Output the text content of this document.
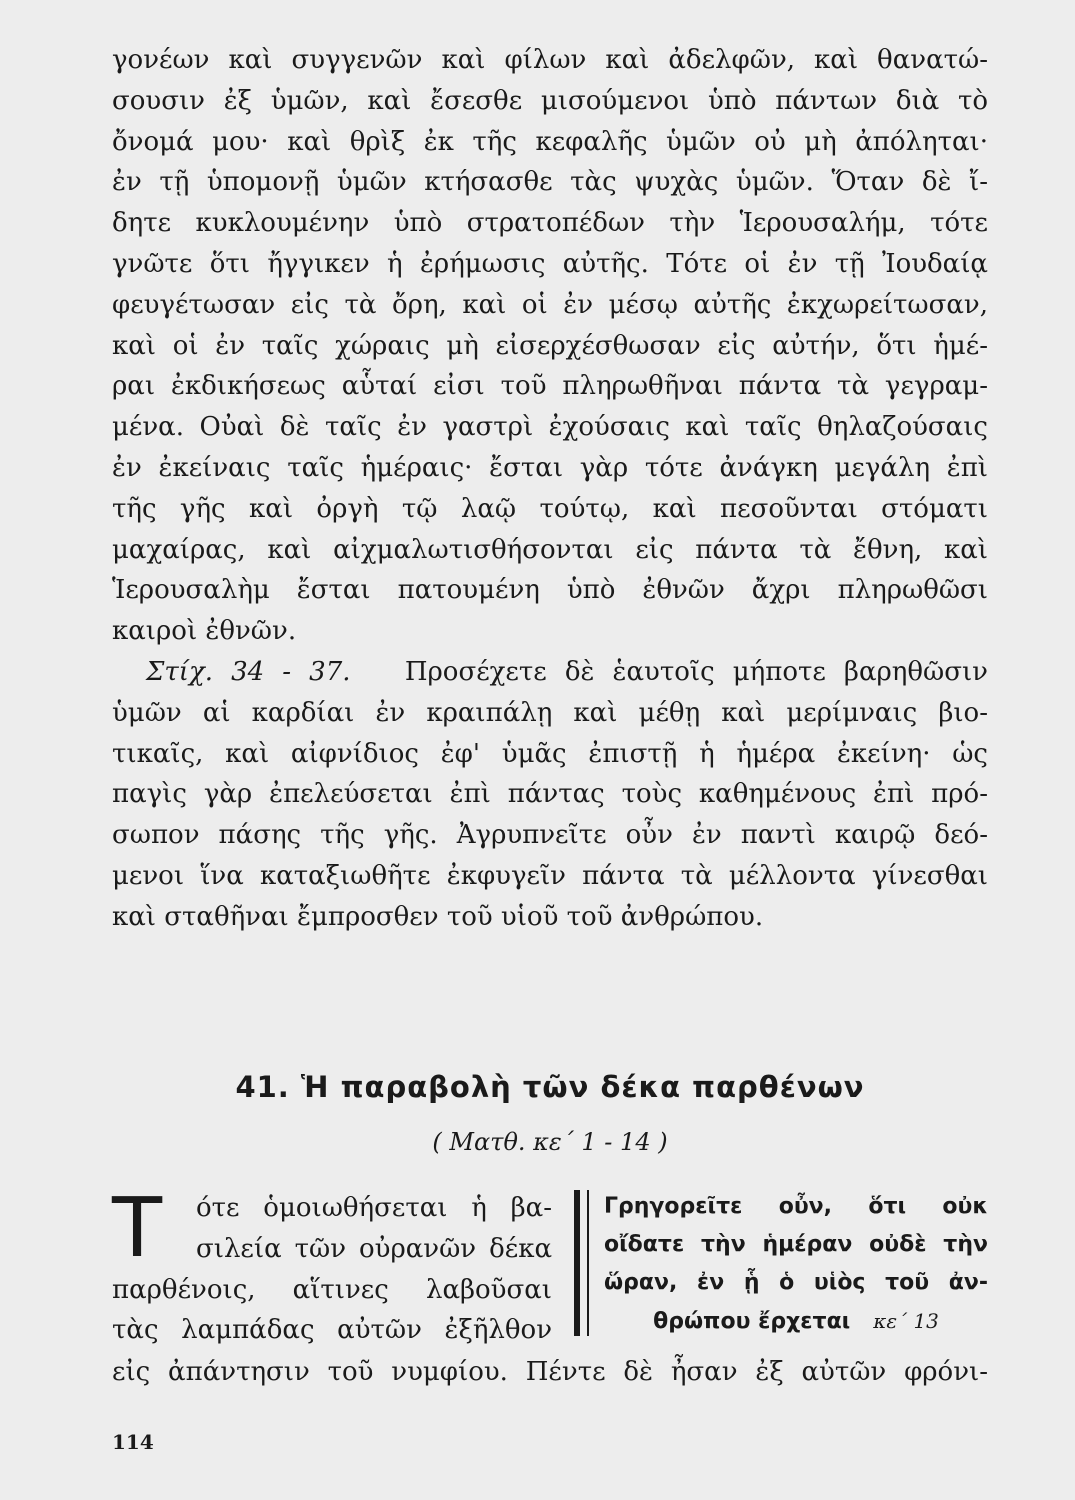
γονέων καὶ συγγενῶν καὶ φίλων καὶ ἀδελφῶν, καὶ θανατώ-
σουσιν ἐξ ὑμῶν, καὶ ἔσεσθε μισούμενοι ὑπὸ πάντων διὰ τὸ
ὄνομά μου· καὶ θρὶξ ἐκ τῆς κεφαλῆς ὑμῶν οὐ μὴ ἀπόληται·
ἐν τῇ ὑπομονῇ ὑμῶν κτήσασθε τὰς ψυχὰς ὑμῶν. Ὅταν δὲ ἴ-
δητε κυκλουμένην ὑπὸ στρατοπέδων τὴν Ἱερουσαλήμ, τότε
γνῶτε ὅτι ἤγγικεν ἡ ἐρήμωσις αὐτῆς. Τότε οἱ ἐν τῇ Ἰουδαίᾳ
φευγέτωσαν εἰς τὰ ὄρη, καὶ οἱ ἐν μέσῳ αὐτῆς ἐκχωρείτωσαν,
καὶ οἱ ἐν ταῖς χώραις μὴ εἰσερχέσθωσαν εἰς αὐτήν, ὅτι ἡμέ-
ραι ἐκδικήσεως αὗταί εἰσι τοῦ πληρωθῆναι πάντα τὰ γεγραμ-
μένα. Οὐαὶ δὲ ταῖς ἐν γαστρὶ ἐχούσαις καὶ ταῖς θηλαζούσαις
ἐν ἐκείναις ταῖς ἡμέραις· ἔσται γὰρ τότε ἀνάγκη μεγάλη ἐπὶ
τῆς γῆς καὶ ὀργὴ τῷ λαῷ τούτῳ, καὶ πεσοῦνται στόματι
μαχαίρας, καὶ αἰχμαλωτισθήσονται εἰς πάντα τὰ ἔθνη, καὶ
Ἱερουσαλὴμ ἔσται πατουμένη ὑπὸ ἐθνῶν ἄχρι πληρωθῶσι
καιροὶ ἐθνῶν.

Στίχ. 34 - 37. Προσέχετε δὲ ἑαυτοῖς μήποτε βαρηθῶσιν
ὑμῶν αἱ καρδίαι ἐν κραιπάλῃ καὶ μέθῃ καὶ μερίμναις βιο-
τικαῖς, καὶ αἰφνίδιος ἐφ' ὑμᾶς ἐπιστῇ ἡ ἡμέρα ἐκείνη· ὡς
παγὶς γὰρ ἐπελεύσεται ἐπὶ πάντας τοὺς καθημένους ἐπὶ πρό-
σωπον πάσης τῆς γῆς. Ἀγρυπνεῖτε οὖν ἐν παντὶ καιρῷ δεό-
μενοι ἵνα καταξιωθῆτε ἐκφυγεῖν πάντα τὰ μέλλοντα γίνεσθαι
καὶ σταθῆναι ἔμπροσθεν τοῦ υἱοῦ τοῦ ἀνθρώπου.

41. Ἡ παραβολὴ τῶν δέκα παρθένων
( Ματθ. κε΄ 1 - 14 )
Τ	ότε ὁμοιωθήσεται ἡ βα-
σιλεία τῶν οὐρανῶν δέκα
παρθένοις, αἵτινες λαβοῦσαι
τὰς λαμπάδας αὐτῶν ἐξῆλθον
Γρηγορεῖτε οὖν, ὅτι οὐκ
οἴδατε τὴν ἡμέραν οὐδὲ τὴν
ὥραν, ἐν ᾗ ὁ υἱὸς τοῦ ἀν-
θρώπου ἔρχεται κε΄ 13

εἰς ἀπάντησιν τοῦ νυμφίου. Πέντε δὲ ἦσαν ἐξ αὐτῶν φρόνι-

114
